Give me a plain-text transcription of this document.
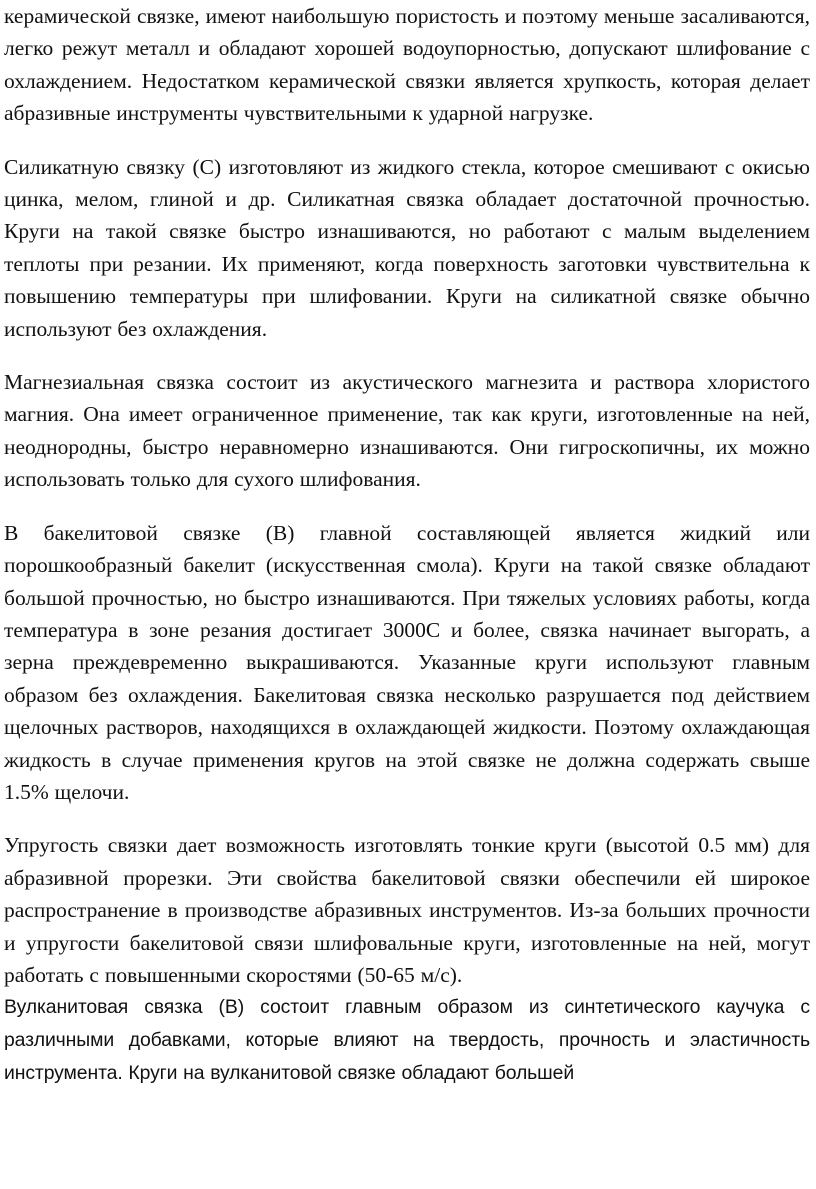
керамической связке, имеют наибольшую пористость и поэтому меньше засаливаются, легко режут металл и обладают хорошей водоупорностью, допускают шлифование с охлаждением. Недостатком керамической связки является хрупкость, которая делает абразивные инструменты чувствительными к ударной нагрузке.

Силикатную связку (С) изготовляют из жидкого стекла, которое смешивают с окисью цинка, мелом, глиной и др. Силикатная связка обладает достаточной прочностью. Круги на такой связке быстро изнашиваются, но работают с малым выделением теплоты при резании. Их применяют, когда поверхность заготовки чувствительна к повышению температуры при шлифовании. Круги на силикатной связке обычно используют без охлаждения.

Магнезиальная связка состоит из акустического магнезита и раствора хлористого магния. Она имеет ограниченное применение, так как круги, изготовленные на ней, неоднородны, быстро неравномерно изнашиваются. Они гигроскопичны, их можно использовать только для сухого шлифования.

В бакелитовой связке (В) главной составляющей является жидкий или порошкообразный бакелит (искусственная смола). Круги на такой связке обладают большой прочностью, но быстро изнашиваются. При тяжелых условиях работы, когда температура в зоне резания достигает 3000С и более, связка начинает выгорать, а зерна преждевременно выкрашиваются. Указанные круги используют главным образом без охлаждения. Бакелитовая связка несколько разрушается под действием щелочных растворов, находящихся в охлаждающей жидкости. Поэтому охлаждающая жидкость в случае применения кругов на этой связке не должна содержать свыше 1.5% щелочи.

Упругость связки дает возможность изготовлять тонкие круги (высотой 0.5 мм) для абразивной прорезки. Эти свойства бакелитовой связки обеспечили ей широкое распространение в производстве абразивных инструментов. Из-за больших прочности и упругости бакелитовой связи шлифовальные круги, изготовленные на ней, могут работать с повышенными скоростями (50-65 м/с).

Вулканитовая связка (В) состоит главным образом из синтетического каучука с различными добавками, которые влияют на твердость, прочность и эластичность инструмента. Круги на вулканитовой связке обладают большей
